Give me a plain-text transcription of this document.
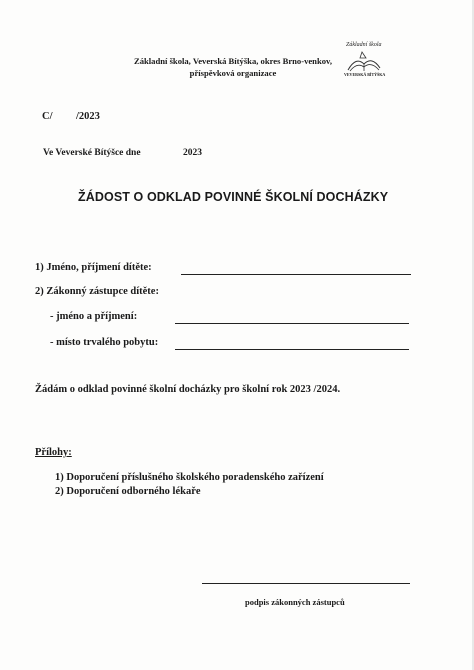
Základní škola, Veverská Bítýška, okres Brno-venkov,
příspěvková organizace
Základní škola
VEVERSKÁ BÍTÝŠKA
C/ /2023
Ve Veverské Bítýšce dne	2023
ŽÁDOST O ODKLAD POVINNÉ ŠKOLNÍ DOCHÁZKY
1) Jméno, příjmení dítěte:
2) Zákonný zástupce dítěte:
- jméno a příjmení:
- místo trvalého pobytu:
Žádám o odklad povinné školní docházky pro školní rok 2023 /2024.
Přílohy:
1) Doporučení příslušného školského poradenského zařízení
2) Doporučení odborného lékaře
podpis zákonných zástupců
